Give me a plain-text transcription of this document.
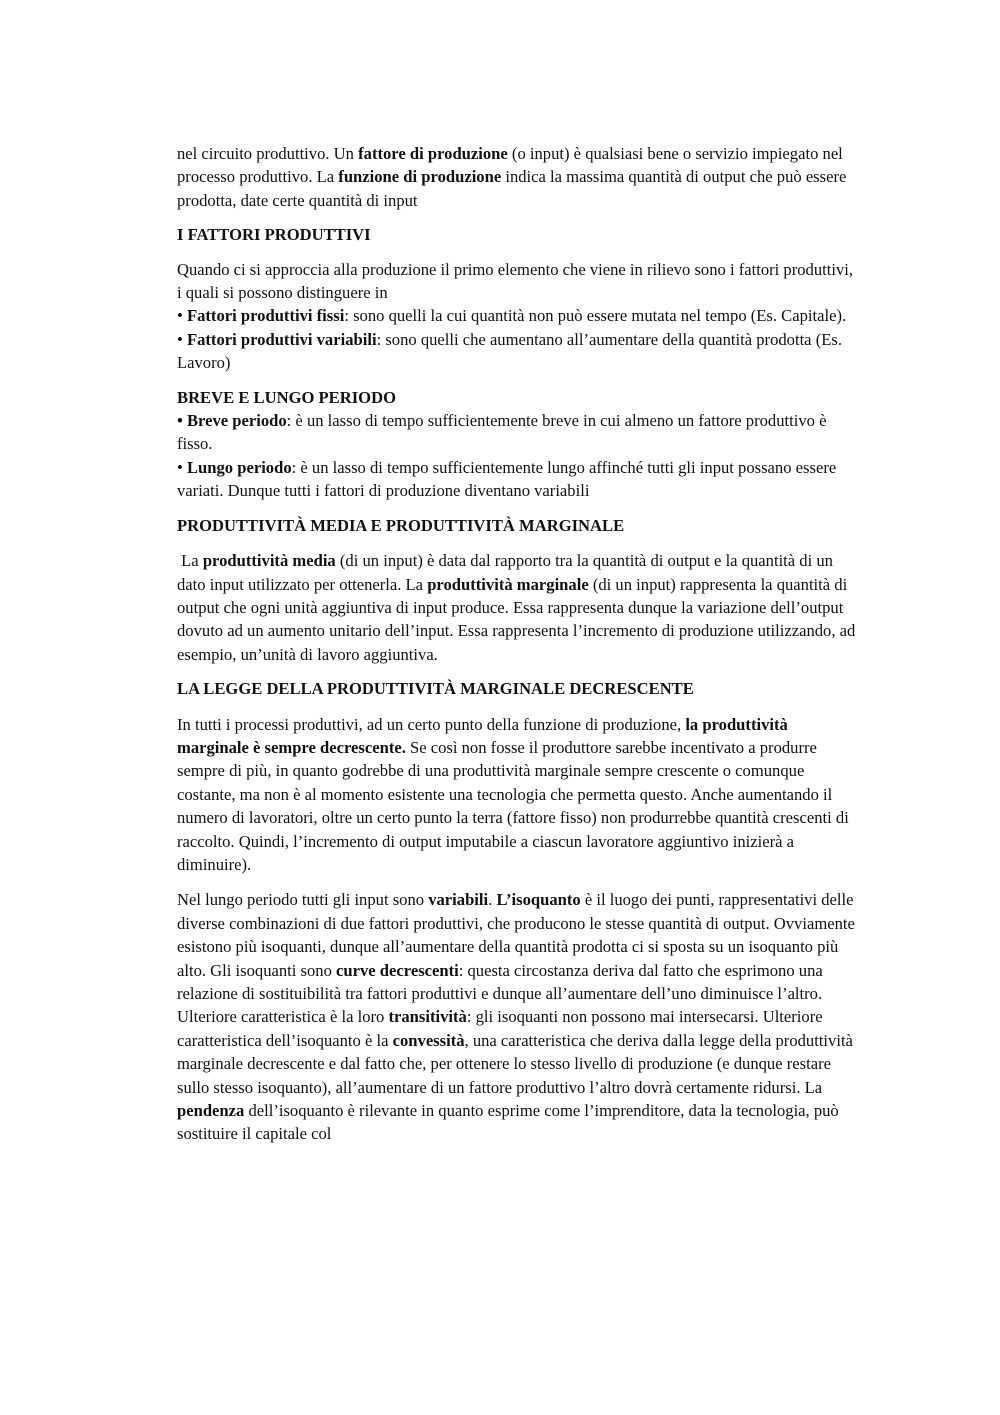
nel circuito produttivo. Un fattore di produzione (o input) è qualsiasi bene o servizio impiegato nel processo produttivo. La funzione di produzione indica la massima quantità di output che può essere prodotta, date certe quantità di input

I FATTORI PRODUTTIVI

Quando ci si approccia alla produzione il primo elemento che viene in rilievo sono i fattori produttivi, i quali si possono distinguere in
• Fattori produttivi fissi: sono quelli la cui quantità non può essere mutata nel tempo (Es. Capitale).
• Fattori produttivi variabili: sono quelli che aumentano all’aumentare della quantità prodotta (Es. Lavoro)

BREVE E LUNGO PERIODO

• Breve periodo: è un lasso di tempo sufficientemente breve in cui almeno un fattore produttivo è fisso.
• Lungo periodo: è un lasso di tempo sufficientemente lungo affinché tutti gli input possano essere variati. Dunque tutti i fattori di produzione diventano variabili

PRODUTTIVITÀ MEDIA E PRODUTTIVITÀ MARGINALE

La produttività media (di un input) è data dal rapporto tra la quantità di output e la quantità di un dato input utilizzato per ottenerla. La produttività marginale (di un input) rappresenta la quantità di output che ogni unità aggiuntiva di input produce. Essa rappresenta dunque la variazione dell’output dovuto ad un aumento unitario dell’input. Essa rappresenta l’incremento di produzione utilizzando, ad esempio, un’unità di lavoro aggiuntiva.

LA LEGGE DELLA PRODUTTIVITÀ MARGINALE DECRESCENTE

In tutti i processi produttivi, ad un certo punto della funzione di produzione, la produttività marginale è sempre decrescente. Se così non fosse il produttore sarebbe incentivato a produrre sempre di più, in quanto godrebbe di una produttività marginale sempre crescente o comunque costante, ma non è al momento esistente una tecnologia che permetta questo. Anche aumentando il numero di lavoratori, oltre un certo punto la terra (fattore fisso) non produrrebbe quantità crescenti di raccolto. Quindi, l’incremento di output imputabile a ciascun lavoratore aggiuntivo inizierà a diminuire).

Nel lungo periodo tutti gli input sono variabili. L’isoquanto è il luogo dei punti, rappresentativi delle diverse combinazioni di due fattori produttivi, che producono le stesse quantità di output. Ovviamente esistono più isoquanti, dunque all’aumentare della quantità prodotta ci si sposta su un isoquanto più alto. Gli isoquanti sono curve decrescenti: questa circostanza deriva dal fatto che esprimono una relazione di sostituibilità tra fattori produttivi e dunque all’aumentare dell’uno diminuisce l’altro. Ulteriore caratteristica è la loro transitività: gli isoquanti non possono mai intersecarsi. Ulteriore caratteristica dell’isoquanto è la convessità, una caratteristica che deriva dalla legge della produttività marginale decrescente e dal fatto che, per ottenere lo stesso livello di produzione (e dunque restare sullo stesso isoquanto), all’aumentare di un fattore produttivo l’altro dovrà certamente ridursi. La pendenza dell’isoquanto è rilevante in quanto esprime come l’imprenditore, data la tecnologia, può sostituire il capitale col
